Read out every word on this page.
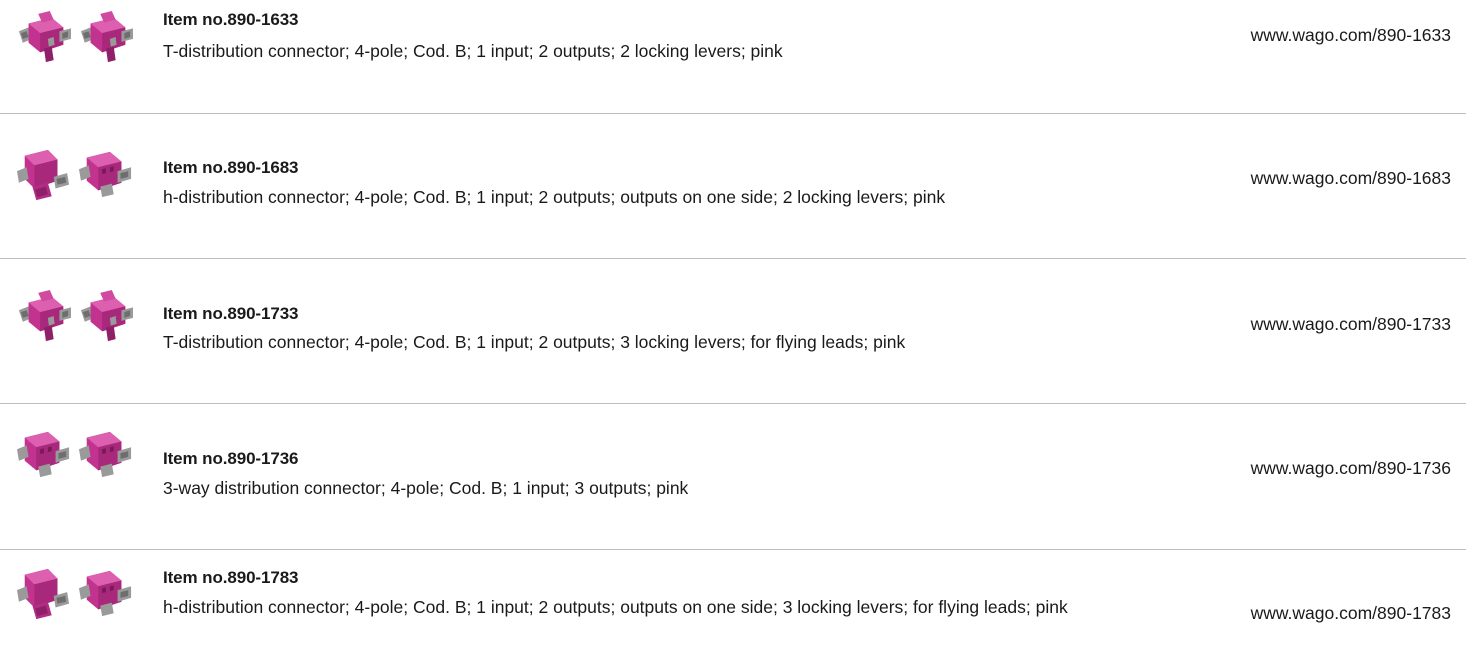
Item no.890-1633
T-distribution connector; 4-pole; Cod. B; 1 input; 2 outputs; 2 locking levers; pink
www.wago.com/890-1633
Item no.890-1683
h-distribution connector; 4-pole; Cod. B; 1 input; 2 outputs; outputs on one side; 2 locking levers; pink
www.wago.com/890-1683
Item no.890-1733
T-distribution connector; 4-pole; Cod. B; 1 input; 2 outputs; 3 locking levers; for flying leads; pink
www.wago.com/890-1733
Item no.890-1736
3-way distribution connector; 4-pole; Cod. B; 1 input; 3 outputs; pink
www.wago.com/890-1736
Item no.890-1783
h-distribution connector; 4-pole; Cod. B; 1 input; 2 outputs; outputs on one side; 3 locking levers; for flying leads; pink	www.wago.com/890-1783
